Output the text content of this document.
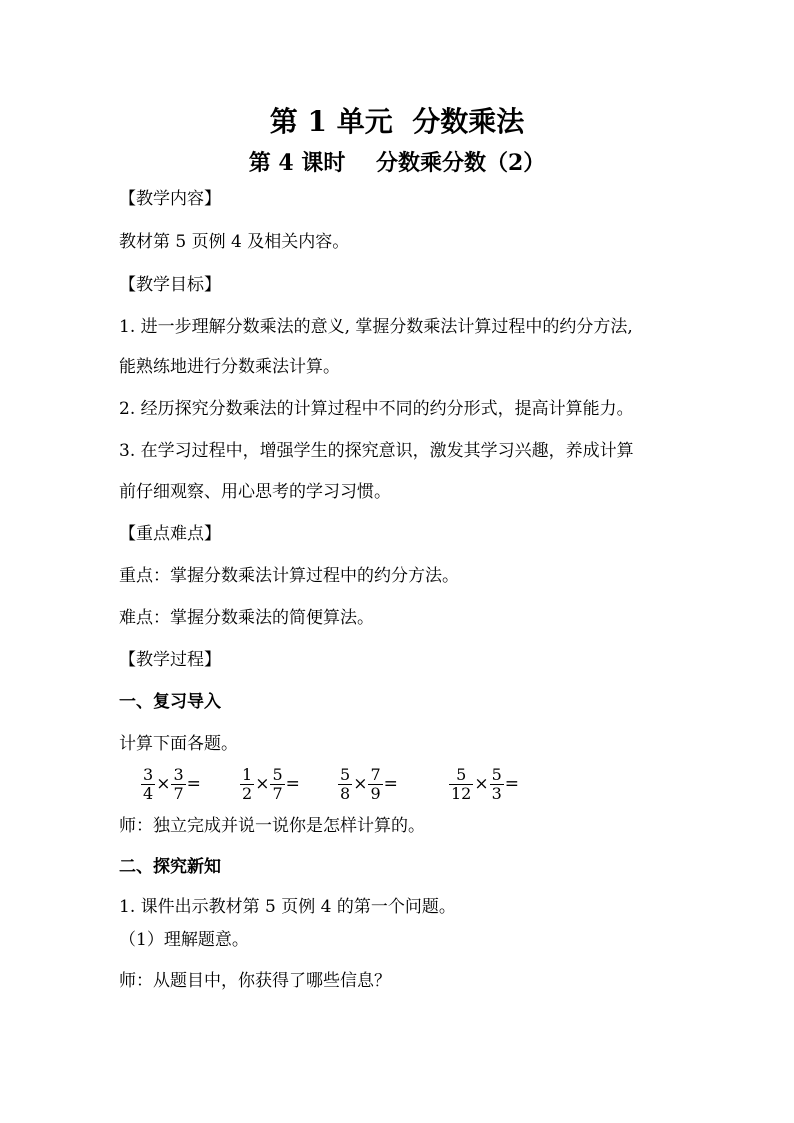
第 1 单元  分数乘法
第 4 课时    分数乘分数（2）
【教学内容】
教材第 5 页例 4 及相关内容。
【教学目标】
1. 进一步理解分数乘法的意义, 掌握分数乘法计算过程中的约分方法,
能熟练地进行分数乘法计算。
2. 经历探究分数乘法的计算过程中不同的约分形式，提高计算能力。
3. 在学习过程中，增强学生的探究意识，激发其学习兴趣，养成计算
前仔细观察、用心思考的学习习惯。
【重点难点】
重点：掌握分数乘法计算过程中的约分方法。
难点：掌握分数乘法的简便算法。
【教学过程】
一、复习导入
计算下面各题。
$\frac{3}{4} \times \frac{3}{7} = \frac{1}{2} \times \frac{5}{7} = \frac{5}{8} \times \frac{7}{9}$ =	$\frac{5}{12} \times \frac{5}{3}$ =
师：独立完成并说一说你是怎样计算的。
二、探究新知
1. 课件出示教材第 5 页例 4 的第一个问题。
（1）理解题意。
师：从题目中，你获得了哪些信息？
